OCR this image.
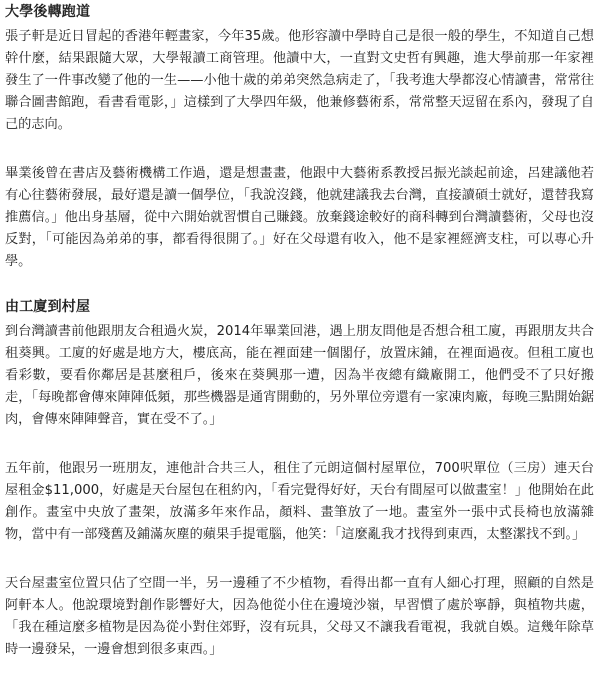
大學後轉跑道

張子軒是近日冒起的香港年輕畫家，今年35歲。他形容讀中學時自己是很一般的學生，不知道自己想幹什麼，結果跟隨大眾，大學報讀工商管理。他讀中大，一直對文史哲有興趣，進大學前那一年家裡發生了一件事改變了他的一生——小他十歲的弟弟突然急病走了，「我考進大學都沒心情讀書，常常往聯合圖書館跑，看書看電影，」這樣到了大學四年級，他兼修藝術系，常常整天逗留在系內，發現了自己的志向。

畢業後曾在書店及藝術機構工作過，還是想畫畫，他跟中大藝術系教授呂振光談起前途，呂建議他若有心往藝術發展，最好還是讀一個學位，「我說沒錢，他就建議我去台灣，直接讀碩士就好，還替我寫推薦信。」他出身基層，從中六開始就習慣自己賺錢。放棄錢途較好的商科轉到台灣讀藝術，父母也沒反對，「可能因為弟弟的事，都看得很開了。」好在父母還有收入，他不是家裡經濟支柱，可以專心升學。

由工廈到村屋

到台灣讀書前他跟朋友合租過火炭，2014年畢業回港，遇上朋友問他是否想合租工廈，再跟朋友共合租葵興。工廈的好處是地方大，樓底高，能在裡面建一個閣仔，放置床鋪，在裡面過夜。但租工廈也看彩數，要看你鄰居是甚麼租戶，後來在葵興那一遭，因為半夜總有織廠開工，他們受不了只好搬走，「每晚都會傳來陣陣低頻，那些機器是通宵開動的，另外單位旁還有一家凍肉廠，每晚三點開始鋸肉，會傳來陣陣聲音，實在受不了。」

五年前，他跟另一班朋友，連他計合共三人，租住了元朗這個村屋單位，700呎單位（三房）連天台屋租金$11,000，好處是天台屋包在租約內，「看完覺得好好，天台有間屋可以做畫室！」他開始在此創作。畫室中央放了畫架，放滿多年來作品，顏料、畫筆放了一地。畫室外一張中式長椅也放滿雜物，當中有一部殘舊及鋪滿灰塵的蘋果手提電腦，他笑：「這麼亂我才找得到東西，太整潔找不到。」

天台屋畫室位置只佔了空間一半，另一邊種了不少植物，看得出都一直有人細心打理，照顧的自然是阿軒本人。他說環境對創作影響好大，因為他從小住在邊境沙嶺，早習慣了處於寧靜，與植物共處，「我在種這麼多植物是因為從小對住郊野，沒有玩具，父母又不讓我看電視，我就自娛。這幾年除草時一邊發呆，一邊會想到很多東西。」
